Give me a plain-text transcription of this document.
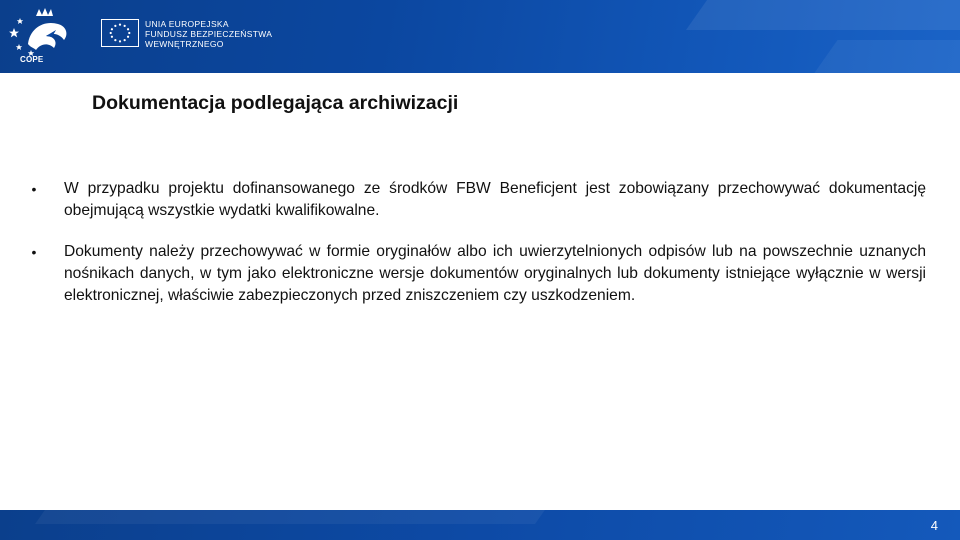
COPE
UNIA EUROPEJSKA
FUNDUSZ BEZPIECZEŃSTWA
WEWNĘTRZNEGO
Dokumentacja podlegająca archiwizacji
• W przypadku projektu dofinansowanego ze środków FBW Beneficjent jest zobowiązany przechowywać dokumentację obejmującą wszystkie wydatki kwalifikowalne.
• Dokumenty należy przechowywać w formie oryginałów albo ich uwierzytelnionych odpisów lub na powszechnie uznanych nośnikach danych, w tym jako elektroniczne wersje dokumentów oryginalnych lub dokumenty istniejące wyłącznie w wersji elektronicznej, właściwie zabezpieczonych przed zniszczeniem czy uszkodzeniem.
4
